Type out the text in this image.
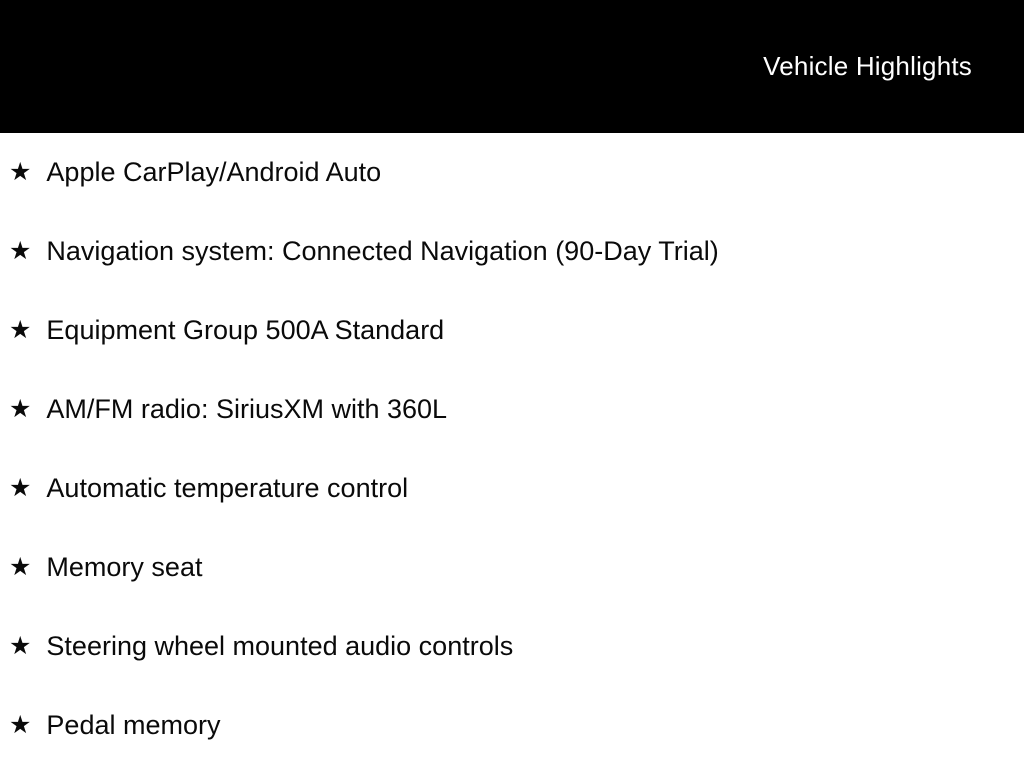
Vehicle Highlights
★ Apple CarPlay/Android Auto
★ Navigation system: Connected Navigation (90-Day Trial)
★ Equipment Group 500A Standard
★ AM/FM radio: SiriusXM with 360L
★ Automatic temperature control
★ Memory seat
★ Steering wheel mounted audio controls
★ Pedal memory
